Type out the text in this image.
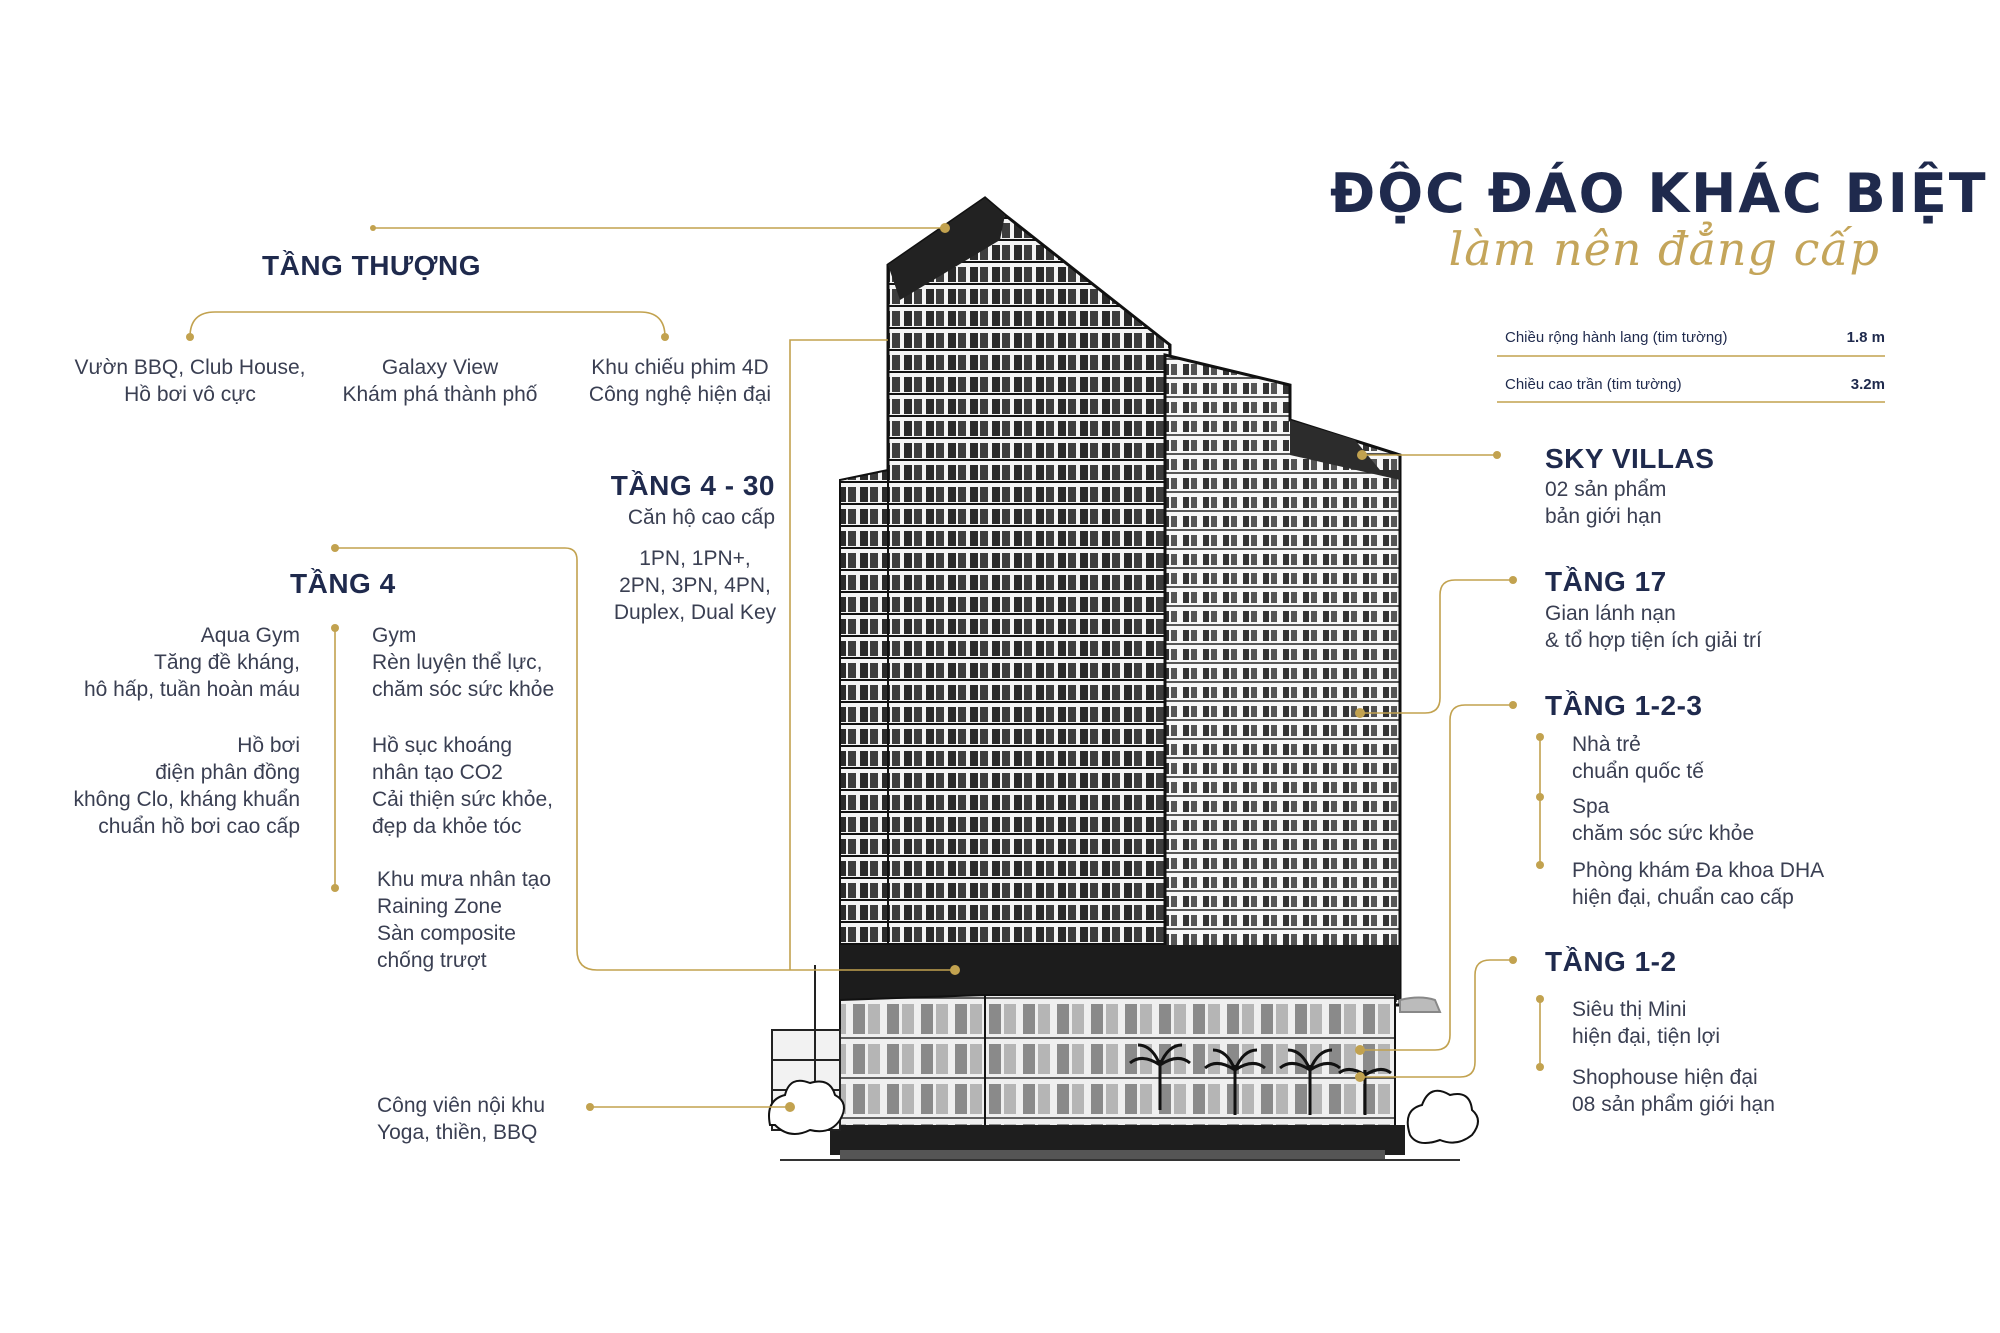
ĐỘC ĐÁO KHÁC BIỆT
làm nên đẳng cấp
Chiều rộng hành lang (tim tường)	1.8 m
Chiều cao trần (tim tường)	3.2m
TẦNG THƯỢNG
Vườn BBQ, Club House,
Hồ bơi vô cực
Galaxy View
Khám phá thành phố
Khu chiếu phim 4D
Công nghệ hiện đại
TẦNG 4 - 30
Căn hộ cao cấp
1PN, 1PN+,
2PN, 3PN, 4PN,
Duplex, Dual Key
TẦNG 4
Aqua Gym
Tăng đề kháng,
hô hấp, tuần hoàn máu
Hồ bơi
điện phân đồng
không Clo, kháng khuẩn
chuẩn hồ bơi cao cấp
Gym
Rèn luyện thể lực,
chăm sóc sức khỏe
Hồ sục khoáng
nhân tạo CO2
Cải thiện sức khỏe,
đẹp da khỏe tóc
Khu mưa nhân tạo
Raining Zone
Sàn composite
chống trượt
Công viên nội khu
Yoga, thiền, BBQ
SKY VILLAS
02 sản phẩm
bản giới hạn
TẦNG 17
Gian lánh nạn
& tổ hợp tiện ích giải trí
TẦNG 1-2-3
Nhà trẻ
chuẩn quốc tế
Spa
chăm sóc sức khỏe
Phòng khám Đa khoa DHA
hiện đại, chuẩn cao cấp
TẦNG 1-2
Siêu thị Mini
hiện đại, tiện lợi
Shophouse hiện đại
08 sản phẩm giới hạn
